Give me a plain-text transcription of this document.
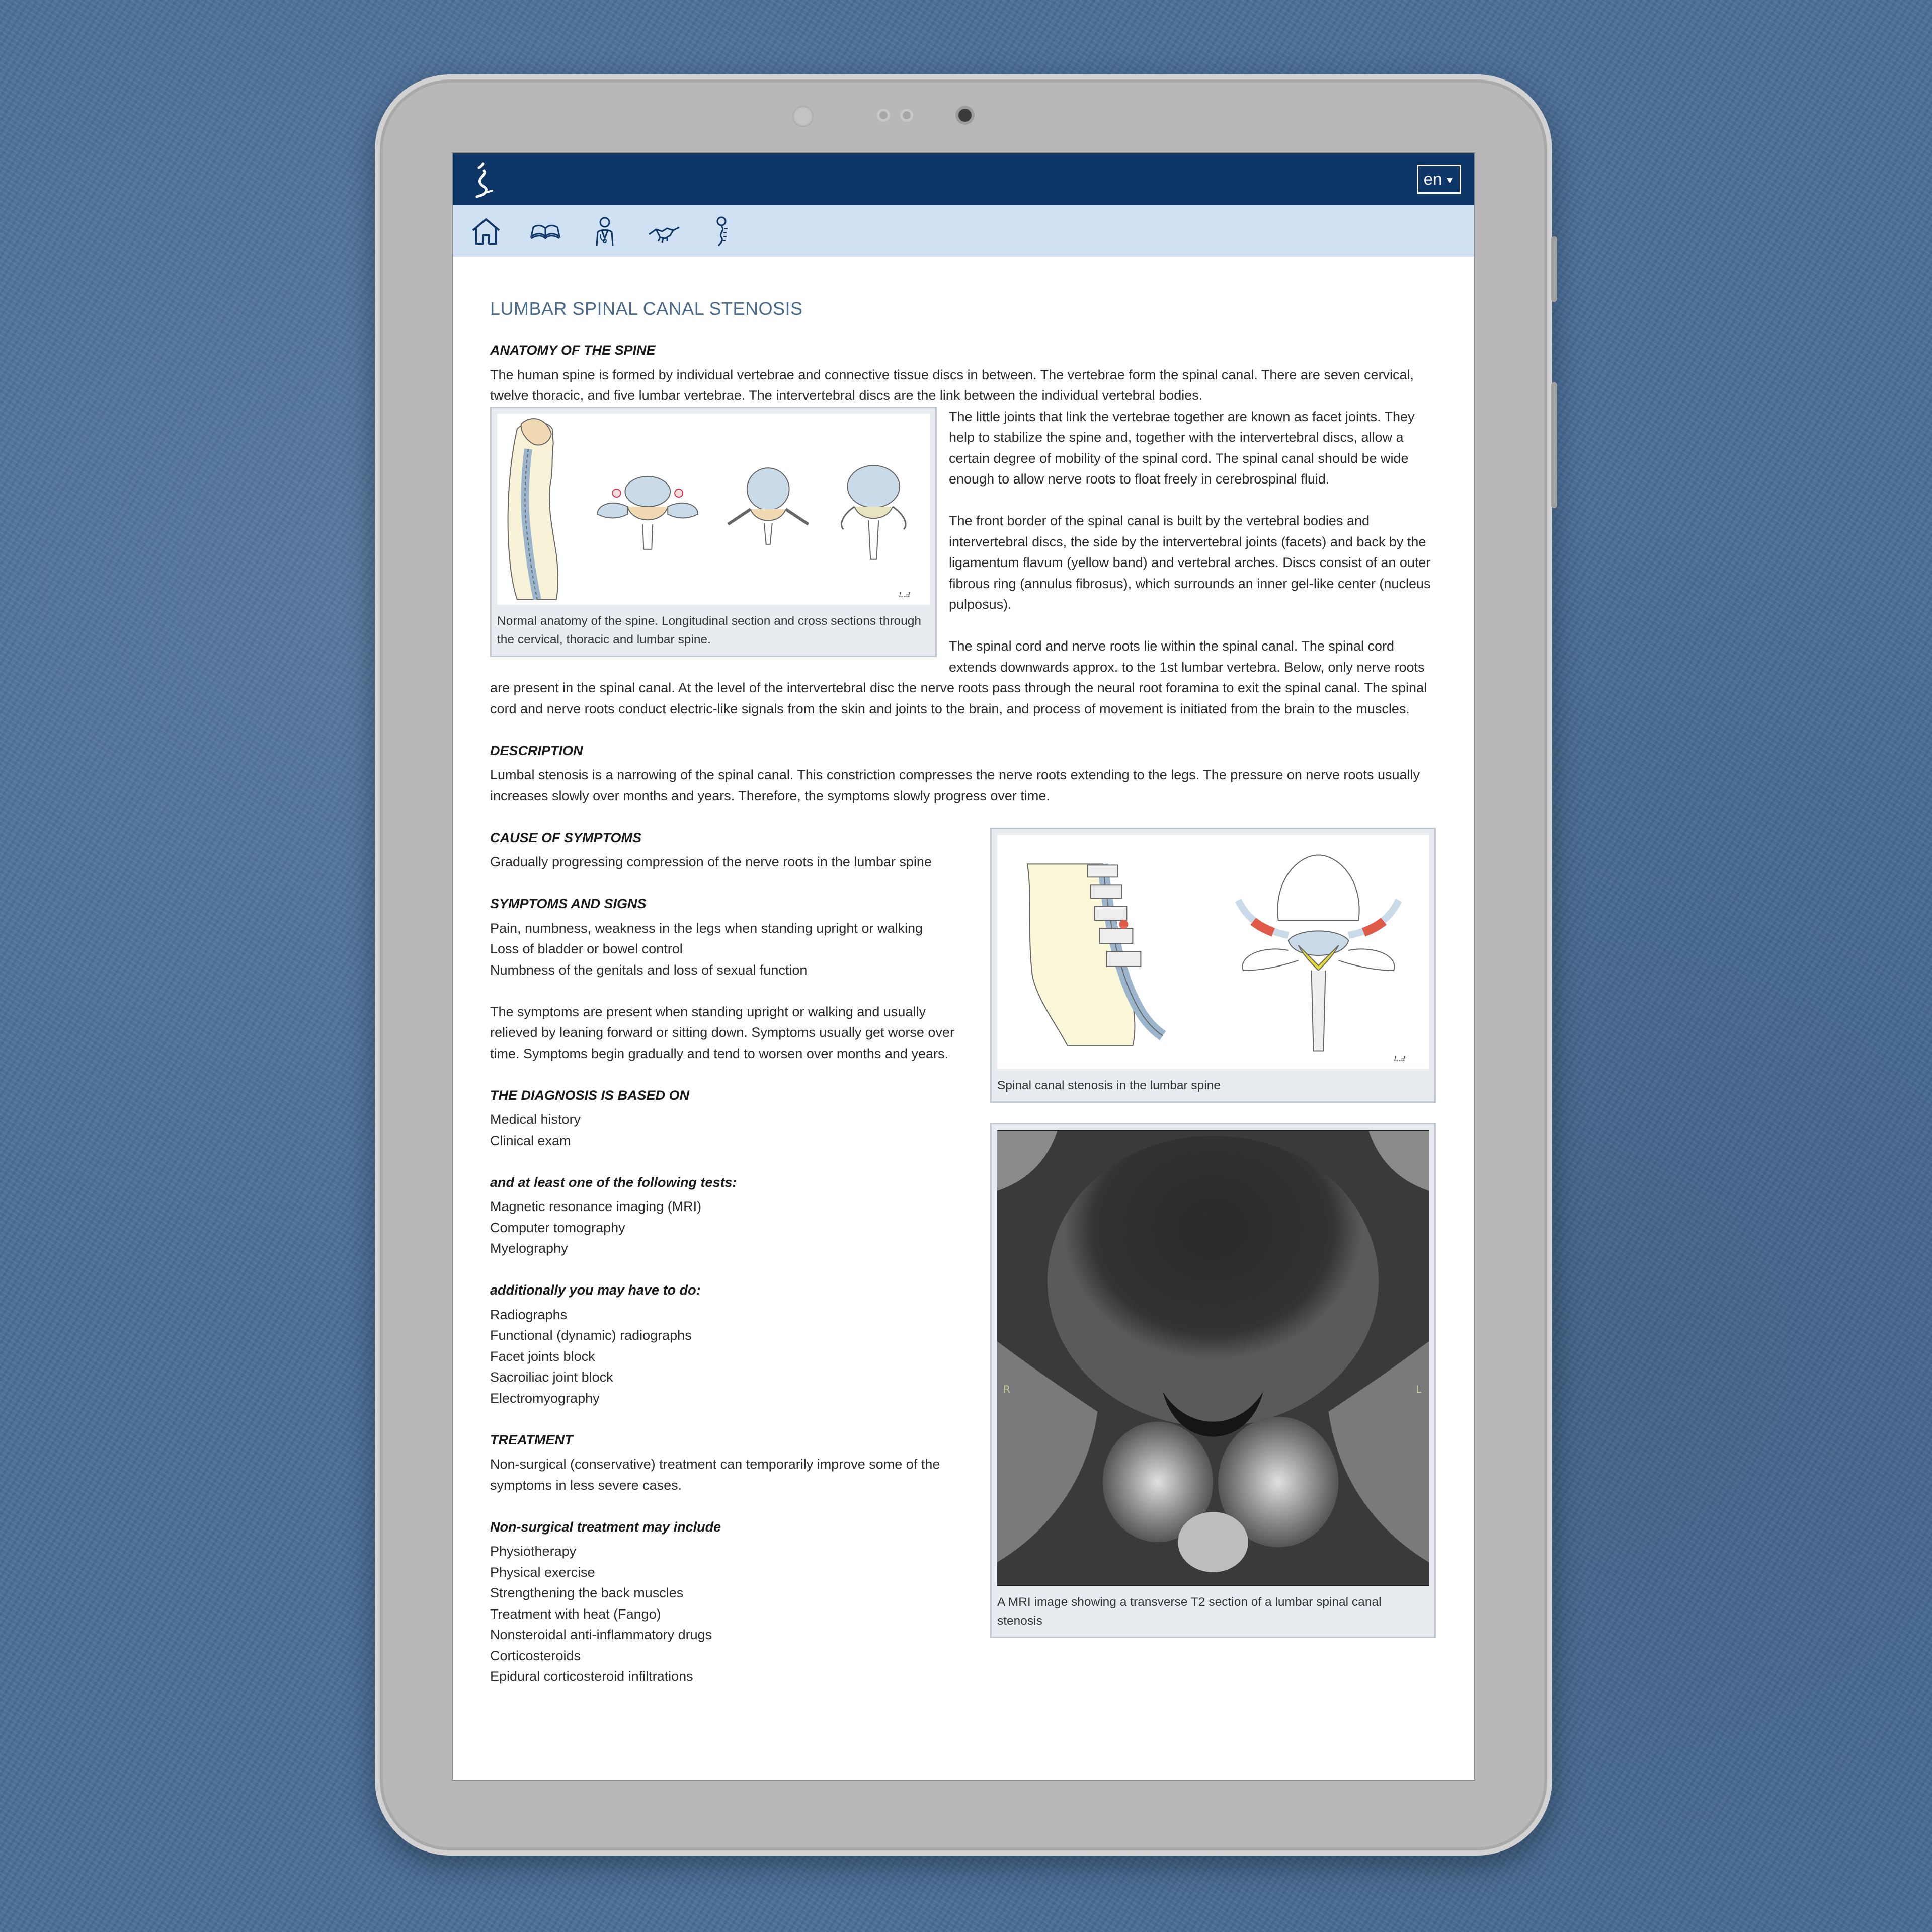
en ▼
LUMBAR SPINAL CANAL STENOSIS
ANATOMY OF THE SPINE

The human spine is formed by individual vertebrae and connective tissue discs in between. The vertebrae form the spinal canal. There are seven cervical, twelve thoracic, and five lumbar vertebrae. The intervertebral discs are the link between the individual vertebral bodies.

L.Ⅎ
Normal anatomy of the spine. Longitudinal section and cross sections through the cervical, thoracic and lumbar spine.

The little joints that link the vertebrae together are known as facet joints. They help to stabilize the spine and, together with the intervertebral discs, allow a certain degree of mobility of the spinal cord. The spinal canal should be wide enough to allow nerve roots to float freely in cerebrospinal fluid.

The front border of the spinal canal is built by the vertebral bodies and intervertebral discs, the side by the intervertebral joints (facets) and back by the ligamentum flavum (yellow band) and vertebral arches. Discs consist of an outer fibrous ring (annulus fibrosus), which surrounds an inner gel-like center (nucleus pulposus).

The spinal cord and nerve roots lie within the spinal canal. The spinal cord extends downwards approx. to the 1st lumbar vertebra. Below, only nerve roots are present in the spinal canal. At the level of the intervertebral disc the nerve roots pass through the neural root foramina to exit the spinal canal. The spinal cord and nerve roots conduct electric-like signals from the skin and joints to the brain, and process of movement is initiated from the brain to the muscles.

DESCRIPTION

Lumbal stenosis is a narrowing of the spinal canal. This constriction compresses the nerve roots extending to the legs. The pressure on nerve roots usually increases slowly over months and years. Therefore, the symptoms slowly progress over time.

L.Ⅎ
Spinal canal stenosis in the lumbar spine
R	L
A MRI image showing a transverse T2 section of a lumbar spinal canal stenosis
CAUSE OF SYMPTOMS

Gradually progressing compression of the nerve roots in the lumbar spine

SYMPTOMS AND SIGNS
Pain, numbness, weakness in the legs when standing upright or walking
Loss of bladder or bowel control
Numbness of the genitals and loss of sexual function

The symptoms are present when standing upright or walking and usually relieved by leaning forward or sitting down. Symptoms usually get worse over time. Symptoms begin gradually and tend to worsen over months and years.

THE DIAGNOSIS IS BASED ON
Medical history
Clinical exam
and at least one of the following tests:
Magnetic resonance imaging (MRI)
Computer tomography
Myelography
additionally you may have to do:
Radiographs
Functional (dynamic) radiographs
Facet joints block
Sacroiliac joint block
Electromyography
TREATMENT

Non-surgical (conservative) treatment can temporarily improve some of the symptoms in less severe cases.

Non-surgical treatment may include
Physiotherapy
Physical exercise
Strengthening the back muscles
Treatment with heat (Fango)
Nonsteroidal anti-inflammatory drugs
Corticosteroids
Epidural corticosteroid infiltrations
